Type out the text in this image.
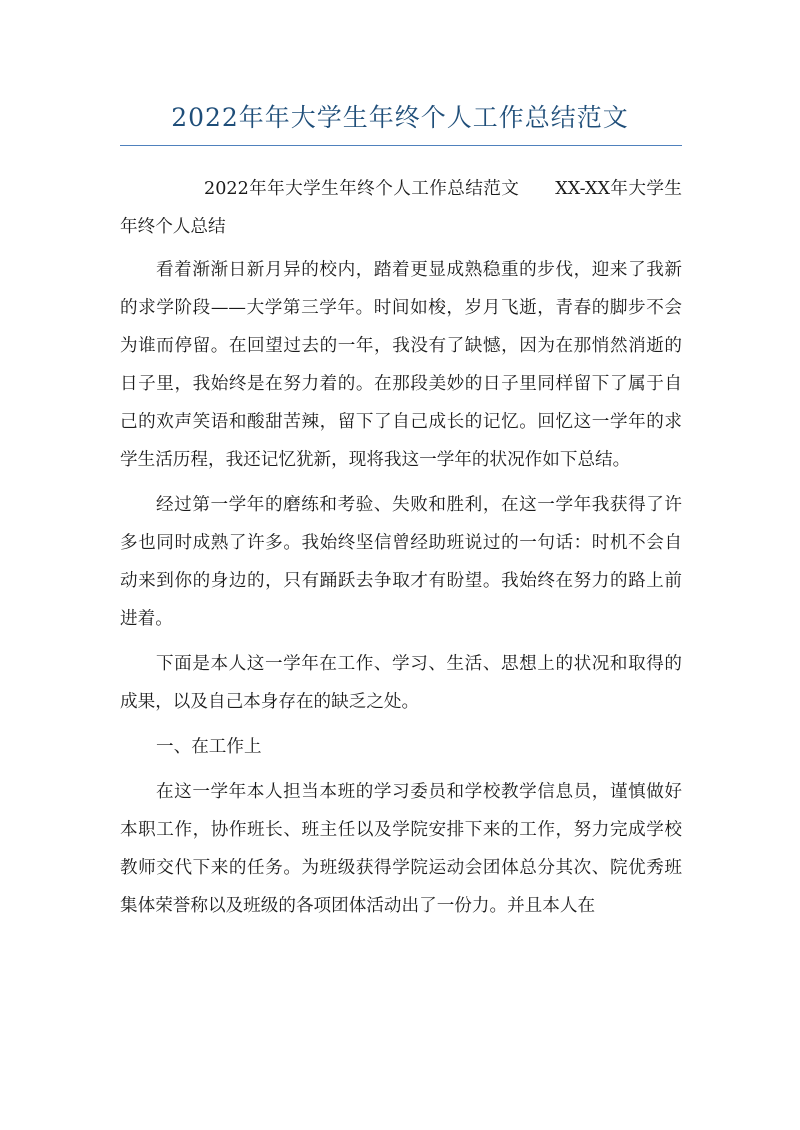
2022年年大学生年终个人工作总结范文

2022年年大学生年终个人工作总结范文 XX-XX年大学生年终个人总结

看着渐渐日新月异的校内，踏着更显成熟稳重的步伐，迎来了我新的求学阶段——大学第三学年。时间如梭，岁月飞逝，青春的脚步不会为谁而停留。在回望过去的一年，我没有了缺憾，因为在那悄然消逝的日子里，我始终是在努力着的。在那段美妙的日子里同样留下了属于自己的欢声笑语和酸甜苦辣，留下了自己成长的记忆。回忆这一学年的求学生活历程，我还记忆犹新，现将我这一学年的状况作如下总结。

经过第一学年的磨练和考验、失败和胜利，在这一学年我获得了许多也同时成熟了许多。我始终坚信曾经助班说过的一句话：时机不会自动来到你的身边的，只有踊跃去争取才有盼望。我始终在努力的路上前进着。

下面是本人这一学年在工作、学习、生活、思想上的状况和取得的成果，以及自己本身存在的缺乏之处。

一、在工作上

在这一学年本人担当本班的学习委员和学校教学信息员，谨慎做好本职工作，协作班长、班主任以及学院安排下来的工作，努力完成学校教师交代下来的任务。为班级获得学院运动会团体总分其次、院优秀班集体荣誉称以及班级的各项团体活动出了一份力。并且本人在
